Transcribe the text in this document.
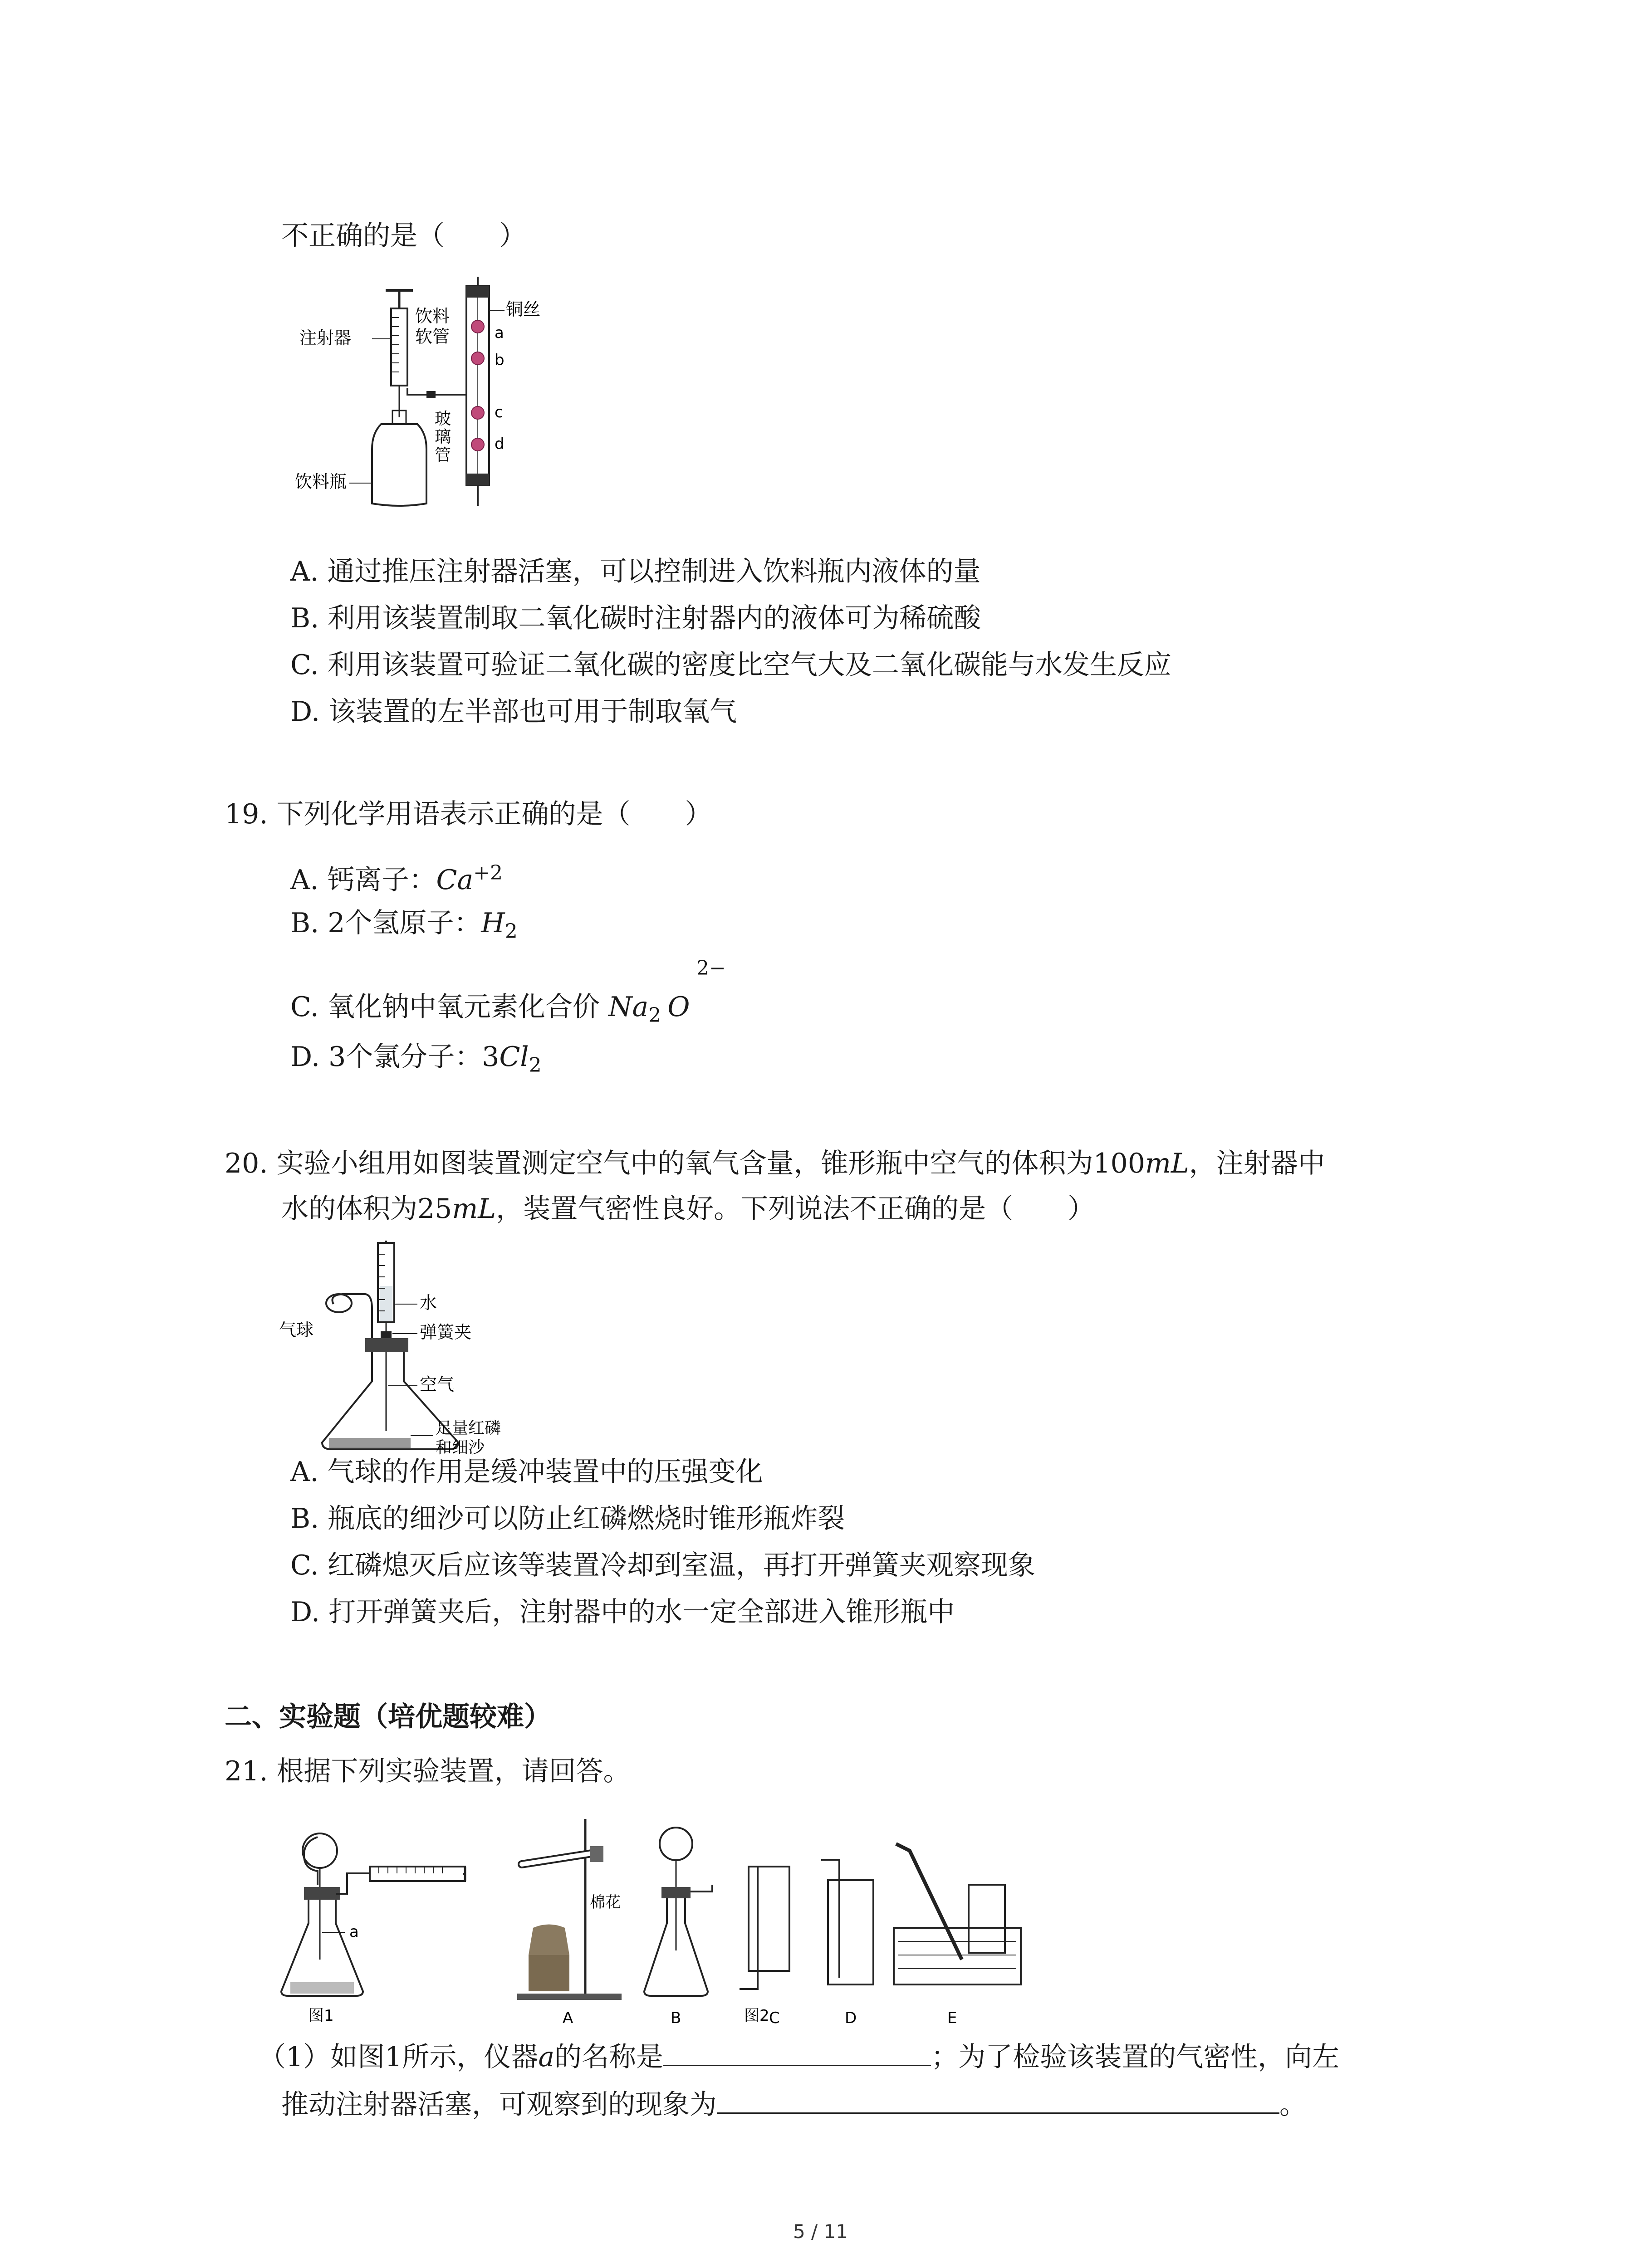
不正确的是（　　）
注射器
饮料
软管
饮料瓶
玻
璃
管
铜丝
a
b
c
d
A. 通过推压注射器活塞，可以控制进入饮料瓶内液体的量
B. 利用该装置制取二氧化碳时注射器内的液体可为稀硫酸
C. 利用该装置可验证二氧化碳的密度比空气大及二氧化碳能与水发生反应
D. 该装置的左半部也可用于制取氧气
19. 下列化学用语表示正确的是（　　）
A. 钙离子：$Ca^{+2}$
B. 2个氢原子：$H_2$
2−
C. 氧化钠中氧元素化合价 $Na_2$ O
D. 3个氯分子：$3Cl_2$
20. 实验小组用如图装置测定空气中的氧气含量，锥形瓶中空气的体积为100mL，注射器中
水的体积为25mL，装置气密性良好。下列说法不正确的是（　　）
气球
水
弹簧夹
空气
足量红磷
和细沙
A. 气球的作用是缓冲装置中的压强变化
B. 瓶底的细沙可以防止红磷燃烧时锥形瓶炸裂
C. 红磷熄灭后应该等装置冷却到室温，再打开弹簧夹观察现象
D. 打开弹簧夹后，注射器中的水一定全部进入锥形瓶中
二、实验题（培优题较难）
21. 根据下列实验装置，请回答。
a
图1
棉花
A	B	C	D	E
图2
（1）如图1所示，仪器a的名称是	；为了检验该装置的气密性，向左
推动注射器活塞，可观察到的现象为	。
5 / 11
